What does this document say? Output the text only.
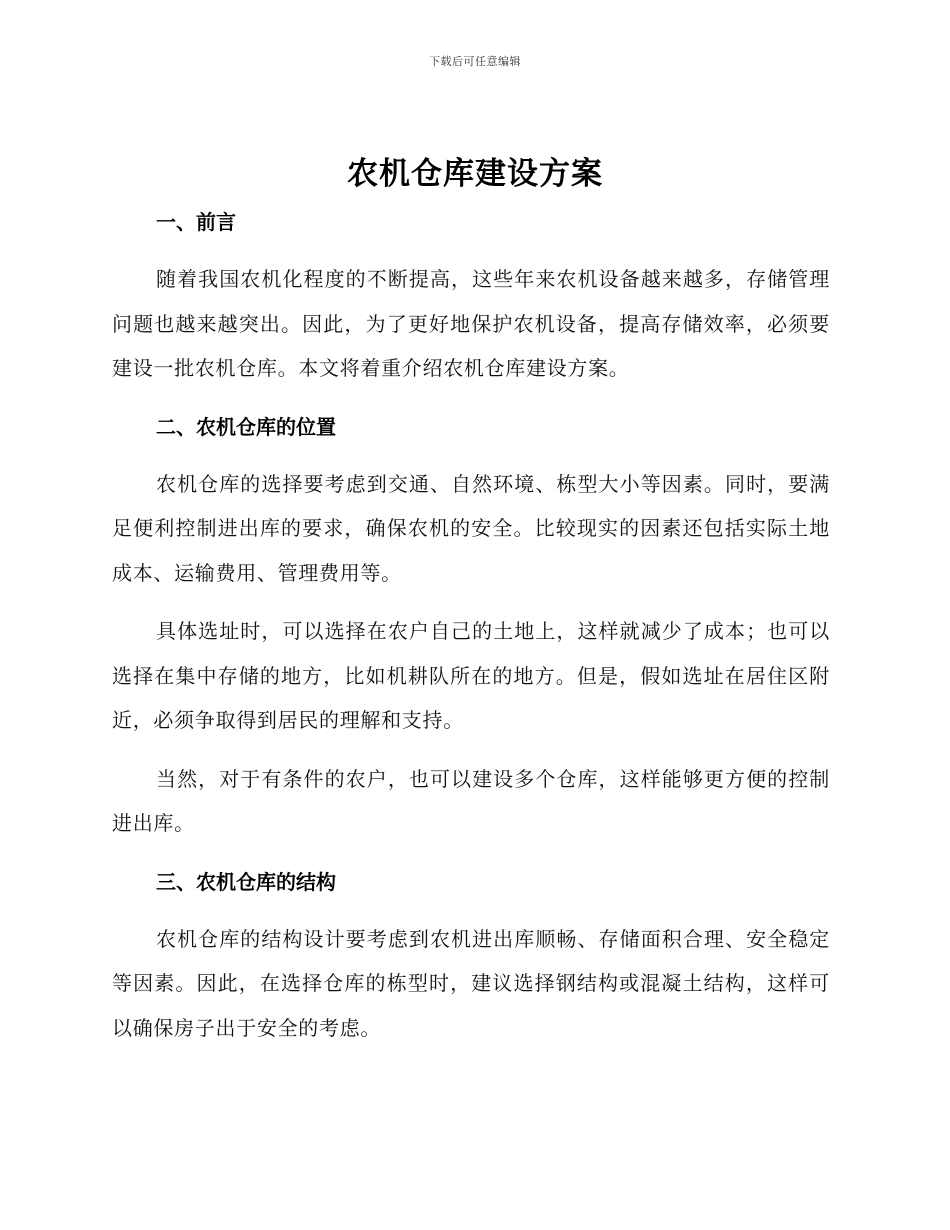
下载后可任意编辑
农机仓库建设方案

一、前言

随着我国农机化程度的不断提高，这些年来农机设备越来越多，存储管理问题也越来越突出。因此，为了更好地保护农机设备，提高存储效率，必须要建设一批农机仓库。本文将着重介绍农机仓库建设方案。

二、农机仓库的位置

农机仓库的选择要考虑到交通、自然环境、栋型大小等因素。同时，要满足便利控制进出库的要求，确保农机的安全。比较现实的因素还包括实际土地成本、运输费用、管理费用等。

具体选址时，可以选择在农户自己的土地上，这样就减少了成本；也可以选择在集中存储的地方，比如机耕队所在的地方。但是，假如选址在居住区附近，必须争取得到居民的理解和支持。

当然，对于有条件的农户，也可以建设多个仓库，这样能够更方便的控制进出库。

三、农机仓库的结构

农机仓库的结构设计要考虑到农机进出库顺畅、存储面积合理、安全稳定等因素。因此，在选择仓库的栋型时，建议选择钢结构或混凝土结构，这样可以确保房子出于安全的考虑。
